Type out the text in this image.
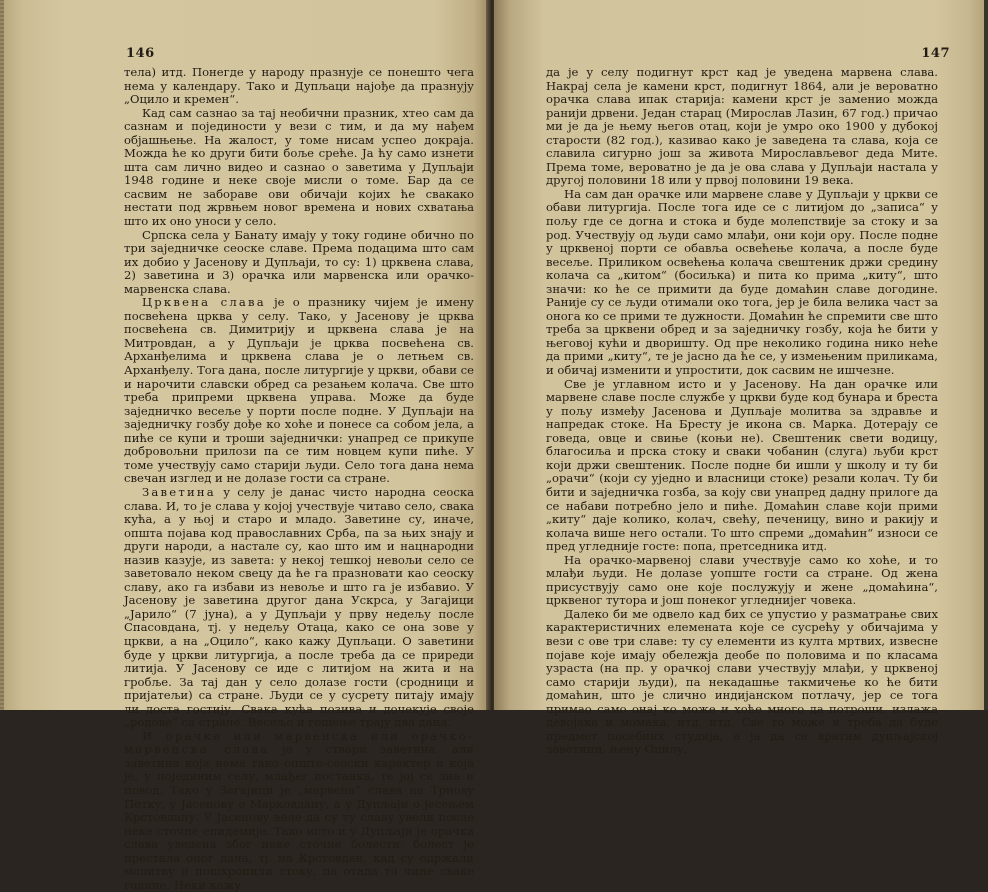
146

тела) итд. Понегде у народу празнује се понешто чега нема у календару. Тако и Дупљаци најође да празнују „Оцило и кремен“.

Кад сам сазнао за тај необични празник, хтео сам да сазнам и појединости у вези с тим, и да му нађем објашњење. На жалост, у томе нисам успео докраја. Можда ће ко други бити боље среће. Ја ћу само изнети шта сам лично видео и сазнао о заветима у Дупљаји 1948 године и неке своје мисли о томе. Бар да се сасвим не забораве ови обичаји којих ће свакако нестати под жрвњем новог времена и нових схватања што их оно уноси у село.

Српска села у Банату имају у току године обично по три заједничке сеоске славе. Према подацима што сам их добио у Јасенову и Дупљаји, то су: 1) црквена слава, 2) заветина и 3) орачка или марвенска или орачко-марвенска слава.

Црквена слава је о празнику чијем је имену посвећена црква у селу. Тако, у Јасенову је црква посвећена св. Димитрију и црквена слава је на Митровдан, а у Дупљаји је црква посвећена св. Арханђелима и црквена слава је о летњем св. Арханђелу. Тога дана, после литургије у цркви, обави се и нарочити славски обред са резањем колача. Све што треба припреми црквена управа. Може да буде заједничко весеље у порти после подне. У Дупљаји на заједничку гозбу дође ко хоће и понесе са собом јела, а пиће се купи и троши заједнички: унапред се прикупе добровољни прилози па се тим новцем купи пиће. У томе учествују само старији људи. Село тога дана нема свечан изглед и не долазе гости са стране.

Заветина у селу је данас чисто народна сеоска слава. И, то је слава у којој учествује читаво село, свака кућа, а у њој и старо и младо. Заветине су, иначе, општа појава код православних Срба, па за њих знају и други народи, а настале су, као што им и нацнародни назив казује, из завета: у некој тешкој невољи село се заветовало неком свецу да ће га празновати као сеоску славу, ако га избави из невоље и што га је избавио. У Јасенову је заветина другог дана Ускрса, у Загајици „Јарило“ (7 јуна), а у Дупљаји у прву недељу после Спасовдана, тј. у недељу Отаца, како се она зове у цркви, а на „Оцило“, како кажу Дупљаци. О заветини буде у цркви литургија, а после треба да се приреди литија. У Јасенову се иде с литијом на жита и на гробље. За тај дан у село долазе гости (сродници и пријатељи) са стране. Људи се у сусрету питају имају ли доста гостију. Свака кућа позива и дочекује своје „родове“ са стране. Весеље и гошење трају два дана.

И орачка или марвенска или орачко-марвенска слава је у ствари заветина, али заветина која нема тако опште-сеоски карактер и која је, у појединим селу, млађег постанка, те јој се зна и повод. Тако у Загајици је „марвена“ слава на Трнову Петку, у Јасенову о Марковдану, а у Дупљаји о јесењем Крстовдану. У Јасенову веле да су ту славу увели после неке сточне епидемије. Тако исто и у Дупљаји је орачка слава уведена због неке сточне болести: болест је престала оног дана, тј. на Крстовдан, кад су одржали молитву и пошкропили стоку, па отада то чине сваке године. Неки кажу

147

да је у селу подигнут крст кад је уведена марвена слава. Накрај села је камени крст, подигнут 1864, али је вероватно орачка слава ипак старија: камени крст је заменио можда ранији дрвени. Један старац (Мирослав Лазин, 67 год.) причао ми је да је њему његов отац, који је умро око 1900 у дубокој старости (82 год.), казивао како је заведена та слава, која се славила сигурно још за живота Мирослављевог деда Мите. Према томе, вероватно је да је ова слава у Дупљаји настала у другој половини 18 или у првој половини 19 века.

На сам дан орачке или марвене славе у Дупљаји у цркви се обави литургија. После тога иде се с литијом до „записа“ у пољу где се догна и стока и буде молепствије за стоку и за род. Учествују од људи само млађи, они који ору. После подне у црквеној порти се обавља освећење колача, а после буде весеље. Приликом освећења колача свештеник држи средину колача са „китом“ (босиљка) и пита ко прима „киту“, што значи: ко ће се примити да буде домаћин славе догодине. Раније су се људи отимали око тога, јер је била велика част за онога ко се прими те дужности. Домаћин ће спремити све што треба за црквени обред и за заједничку гозбу, која ће бити у његовој кући и дворишту. Од пре неколико година нико неће да прими „киту“, те је јасно да ће се, у измењеним приликама, и обичај изменити и упростити, док сасвим не ишчезне.

Све је углавном исто и у Јасенову. На дан орачке или марвене славе после службе у цркви буде код бунара и бреста у пољу између Јасенова и Дупљаје молитва за здравље и напредак стоке. На Бресту је икона св. Марка. Дотерају се говеда, овце и свиње (коњи не). Свештеник свети водицу, благосиља и прска стоку и сваки чобанин (слуга) љуби крст који држи свештеник. После подне би ишли у школу и ту би „орачи“ (који су уједно и власници стоке) резали колач. Ту би бити и заједничка гозба, за коју сви унапред дадну прилоге да се набави потребно јело и пиће. Домаћин славе који прими „киту“ даје колико, колач, свећу, печеницу, вино и ракију и колача више него остали. То што спреми „домаћин“ износи се пред угледније госте: попа, претседника итд.

На орачко-марвеној слави учествује само ко хоће, и то млађи људи. Не долазе уопште гости са стране. Од жена присуствују само оне које послужују и жене „домаћина“, црквеног тутора и још понеког угледнијег човека.

Далеко би ме одвело кад бих се упустио у разматрање свих карактеристичних елемената које се сусрећу у обичајима у вези с ове три славе: ту су елементи из култа мртвих, извесне појаве које имају обележја деобе по половима и по класама узраста (на пр. у орачкој слави учествују млађи, у црквеној само старији људи), па некадашње такмичење ко ће бити домаћин, што је слично индијанском потлачу, јер се тога примао само онај ко може и хоће много да потроши, излажа девојака и момака, итд. итд. Све то може и треба да буде предмет посебних студија, а ја да се вратим дупљајској заветини, њену Оцилу.
